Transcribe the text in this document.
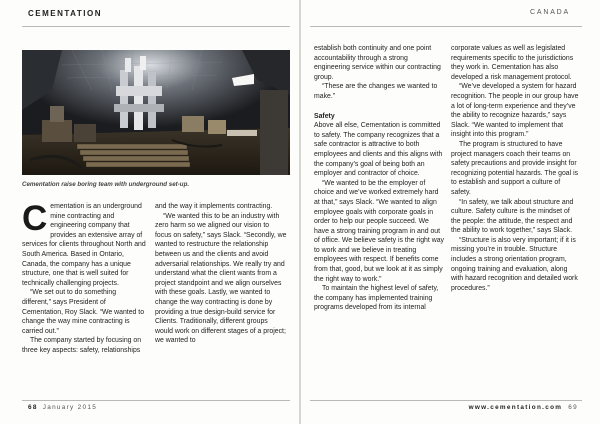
CEMENTATION	CANADA
Cementation raise boring team with underground set-up.
C ementation is an underground mine contracting and engineering company that provides an extensive array of services for clients throughout North and South America. Based in Ontario, Canada, the company has a unique structure, one that is well suited for technically challenging projects.

“We set out to do something different,” says President of Cementation, Roy Slack. “We wanted to change the way mine contracting is carried out.”

The company started by focusing on three key aspects: safety, relationships

and the way it implements contracting.

“We wanted this to be an industry with zero harm so we aligned our vision to focus on safety,” says Slack. “Secondly, we wanted to restructure the relationship between us and the clients and avoid adversarial relationships. We really try and understand what the client wants from a project standpoint and we align ourselves with these goals. Lastly, we wanted to change the way contracting is done by providing a true design-build service for Clients. Traditionally, different groups would work on different stages of a project; we wanted to

establish both continuity and one point accountability through a strong engineering service within our contracting group.

“These are the changes we wanted to make.”

Safety

Above all else, Cementation is committed to safety. The company recognizes that a safe contractor is attractive to both employees and clients and this aligns with the company’s goal of being both an employer and contractor of choice.

“We wanted to be the employer of choice and we’ve worked extremely hard at that,” says Slack. “We wanted to align employee goals with corporate goals in order to help our people succeed. We have a strong training program in and out of office. We believe safety is the right way to work and we believe in treating employees with respect. If benefits come from that, good, but we look at it as simply the right way to work.”

To maintain the highest level of safety, the company has implemented training programs developed from its internal

corporate values as well as legislated requirements specific to the jurisdictions they work in. Cementation has also developed a risk management protocol.

“We’ve developed a system for hazard recognition. The people in our group have a lot of long-term experience and they’ve the ability to recognize hazards,” says Slack. “We wanted to implement that insight into this program.”

The program is structured to have project managers coach their teams on safety precautions and provide insight for recognizing potential hazards. The goal is to establish and support a culture of safety.

“In safety, we talk about structure and culture. Safety culture is the mindset of the people: the attitude, the respect and the ability to work together,” says Slack.

“Structure is also very important; if it is missing you’re in trouble. Structure includes a strong orientation program, ongoing training and evaluation, along with hazard recognition and detailed work procedures.”

68 January 2015	www.cementation.com 69
